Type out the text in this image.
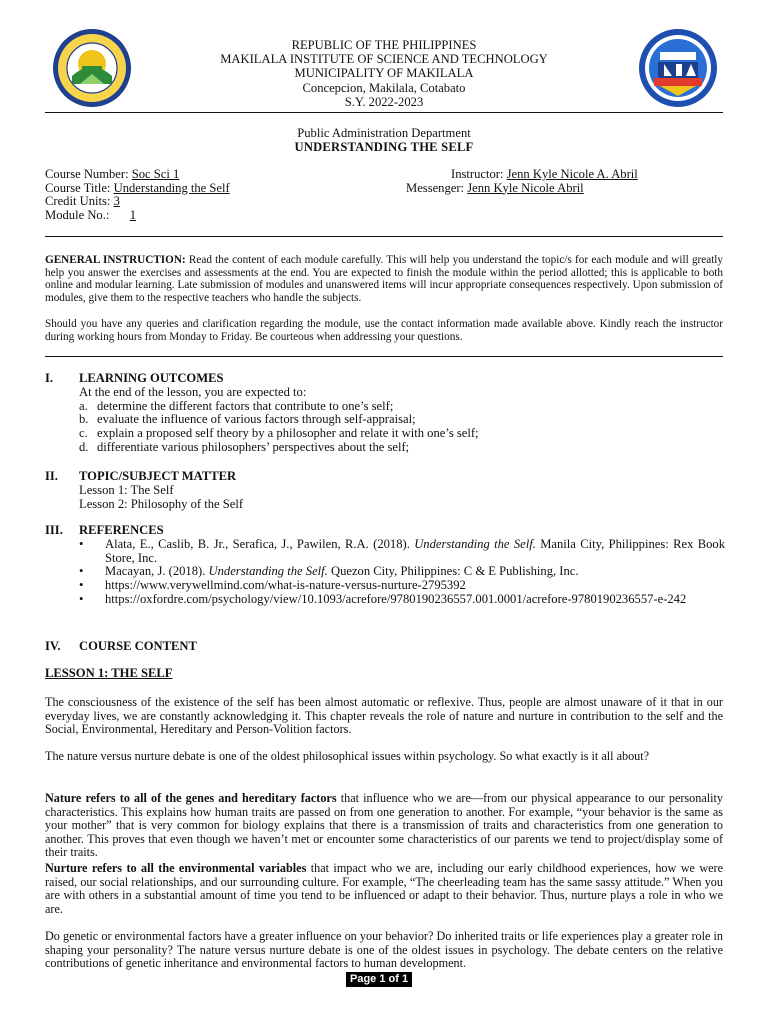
REPUBLIC OF THE PHILIPPINES
MAKILALA INSTITUTE OF SCIENCE AND TECHNOLOGY
MUNICIPALITY OF MAKILALA
Concepcion, Makilala, Cotabato
S.Y. 2022-2023
Public Administration Department
UNDERSTANDING THE SELF
Course Number: Soc Sci 1
Course Title: Understanding the Self
Credit Units: 3
Module No.: 1
Instructor: Jenn Kyle Nicole A. Abril
Messenger: Jenn Kyle Nicole Abril
GENERAL INSTRUCTION: Read the content of each module carefully. This will help you understand the topic/s for each module and will greatly help you answer the exercises and assessments at the end. You are expected to finish the module within the period allotted; this is applicable to both online and modular learning. Late submission of modules and unanswered items will incur appropriate consequences respectively. Upon submission of modules, give them to the respective teachers who handle the subjects.
Should you have any queries and clarification regarding the module, use the contact information made available above. Kindly reach the instructor during working hours from Monday to Friday. Be courteous when addressing your questions.
I. LEARNING OUTCOMES
At the end of the lesson, you are expected to:
a. determine the different factors that contribute to one’s self;
b. evaluate the influence of various factors through self-appraisal;
c. explain a proposed self theory by a philosopher and relate it with one’s self;
d. differentiate various philosophers’ perspectives about the self;
II. TOPIC/SUBJECT MATTER
Lesson 1: The Self
Lesson 2: Philosophy of the Self
III. REFERENCES
• Alata, E., Caslib, B. Jr., Serafica, J., Pawilen, R.A. (2018). Understanding the Self. Manila City, Philippines: Rex Book Store, Inc.
• Macayan, J. (2018). Understanding the Self. Quezon City, Philippines: C & E Publishing, Inc.
• https://www.verywellmind.com/what-is-nature-versus-nurture-2795392
• https://oxfordre.com/psychology/view/10.1093/acrefore/9780190236557.001.0001/acrefore-9780190236557-e-242
IV. COURSE CONTENT
LESSON 1: THE SELF
The consciousness of the existence of the self has been almost automatic or reflexive. Thus, people are almost unaware of it that in our everyday lives, we are constantly acknowledging it. This chapter reveals the role of nature and nurture in contribution to the self and the Social, Environmental, Hereditary and Person-Volition factors.
The nature versus nurture debate is one of the oldest philosophical issues within psychology. So what exactly is it all about?
Nature refers to all of the genes and hereditary factors that influence who we are—from our physical appearance to our personality characteristics. This explains how human traits are passed on from one generation to another. For example, “your behavior is the same as your mother” that is very common for biology explains that there is a transmission of traits and characteristics from one generation to another. This proves that even though we haven’t met or encounter some characteristics of our parents we tend to project/display some of their traits.
Nurture refers to all the environmental variables that impact who we are, including our early childhood experiences, how we were raised, our social relationships, and our surrounding culture. For example, “The cheerleading team has the same sassy attitude.” When you are with others in a substantial amount of time you tend to be influenced or adapt to their behavior. Thus, nurture plays a role in who we are.
Do genetic or environmental factors have a greater influence on your behavior? Do inherited traits or life experiences play a greater role in shaping your personality? The nature versus nurture debate is one of the oldest issues in psychology. The debate centers on the relative contributions of genetic inheritance and environmental factors to human development.
Page 1 of 1
